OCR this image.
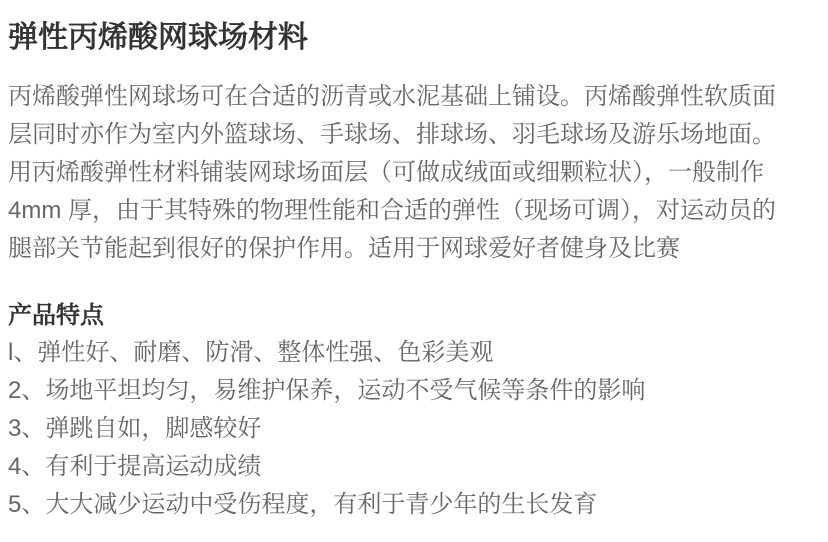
弹性丙烯酸网球场材料
丙烯酸弹性网球场可在合适的沥青或水泥基础上铺设。丙烯酸弹性软质面
层同时亦作为室内外篮球场、手球场、排球场、羽毛球场及游乐场地面。
用丙烯酸弹性材料铺装网球场面层（可做成绒面或细颗粒状），一般制作
4mm 厚，由于其特殊的物理性能和合适的弹性（现场可调），对运动员的
腿部关节能起到很好的保护作用。适用于网球爱好者健身及比赛
产品特点
l、弹性好、耐磨、防滑、整体性强、色彩美观
2、场地平坦均匀，易维护保养，运动不受气候等条件的影响
3、弹跳自如，脚感较好
4、有利于提高运动成绩
5、大大减少运动中受伤程度，有利于青少年的生长发育
